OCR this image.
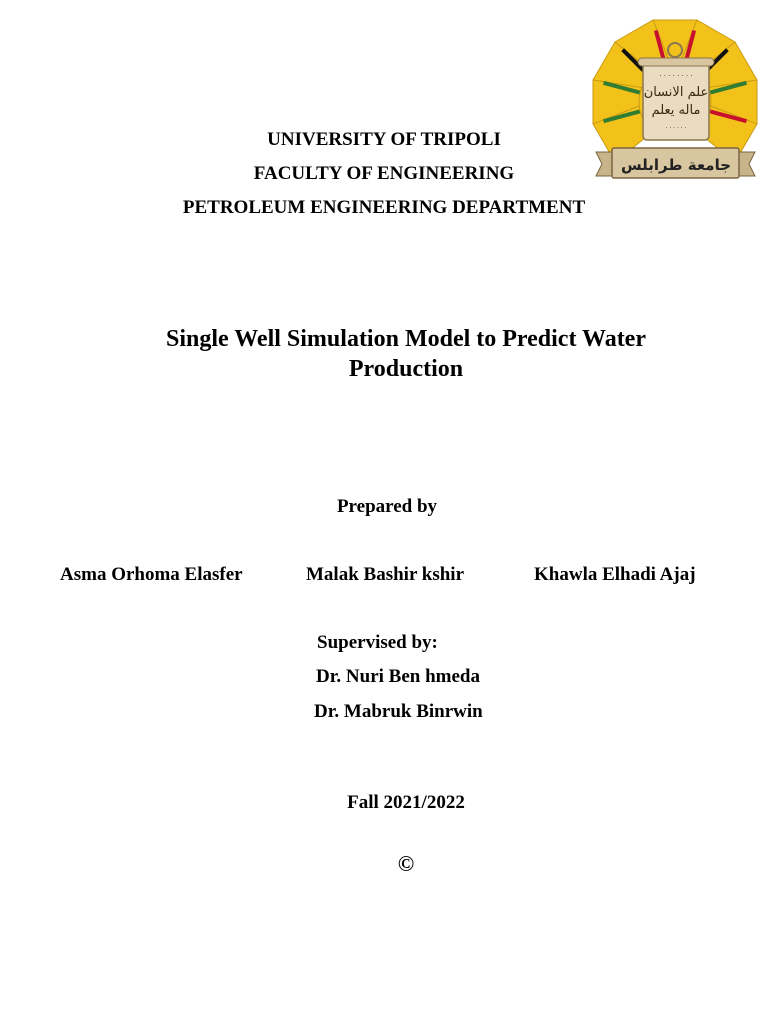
· · · · · · · ·
علم الانسان
ماله يعلم
· · · · · ·
جامعة طرابلس
UNIVERSITY OF TRIPOLI
FACULTY OF ENGINEERING
PETROLEUM ENGINEERING DEPARTMENT
Single Well Simulation Model to Predict Water
Production
Prepared by
Asma Orhoma Elasfer	Malak Bashir kshir	Khawla Elhadi Ajaj
Supervised by:
Dr. Nuri Ben hmeda
Dr. Mabruk Binrwin
Fall 2021/2022
©
